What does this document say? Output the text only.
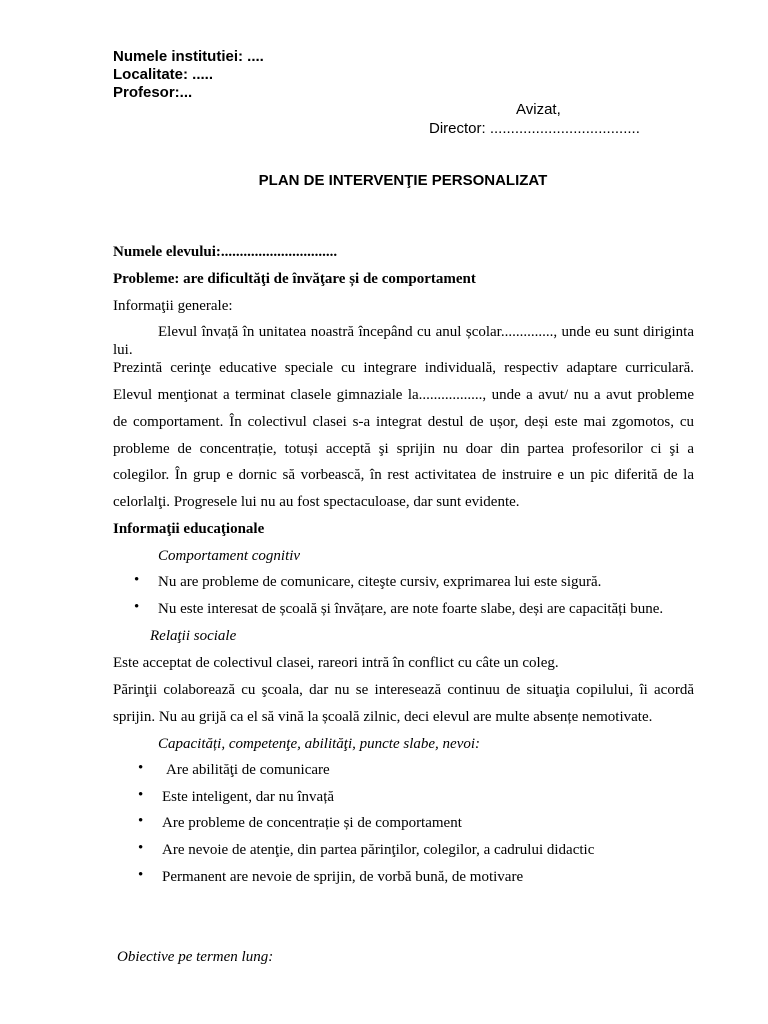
Numele institutiei: ....
Localitate: .....
Profesor:...
Avizat,
Director: ....................................
PLAN DE INTERVENŢIE PERSONALIZAT
Numele elevului:...............................
Probleme: are dificultăţi de învăţare și de comportament
Informaţii generale:
Elevul învață în unitatea noastră începând cu anul școlar.............., unde eu sunt diriginta
lui.
Prezintă cerinţe educative speciale cu integrare individuală, respectiv adaptare curriculară.
Elevul menţionat a terminat clasele gimnaziale la................., unde a avut/ nu a avut probleme
de comportament. În colectivul clasei s-a integrat destul de ușor, deși este mai zgomotos, cu
probleme de concentrație, totuși acceptă şi sprijin nu doar din partea profesorilor ci şi a
colegilor. În grup e dornic să vorbească, în rest activitatea de instruire e un pic diferită de la
celorlalţi. Progresele lui nu au fost spectaculoase, dar sunt evidente.
Informaţii educaţionale
Comportament cognitiv
• Nu are probleme de comunicare, citeşte cursiv, exprimarea lui este sigură.
• Nu este interesat de școală și învățare, are note foarte slabe, deși are capacități bune.
Relaţii sociale
Este acceptat de colectivul clasei, rareori intră în conflict cu câte un coleg.
Părinţii colaborează cu şcoala, dar nu se interesează continuu de situaţia copilului, îi acordă
sprijin. Nu au grijă ca el să vină la școală zilnic, deci elevul are multe absențe nemotivate.
Capacități, competenţe, abilităţi, puncte slabe, nevoi:
• Are abilităţi de comunicare
• Este inteligent, dar nu învață
• Are probleme de concentrație și de comportament
• Are nevoie de atenţie, din partea părinţilor, colegilor, a cadrului didactic
• Permanent are nevoie de sprijin, de vorbă bună, de motivare
Obiective pe termen lung:
